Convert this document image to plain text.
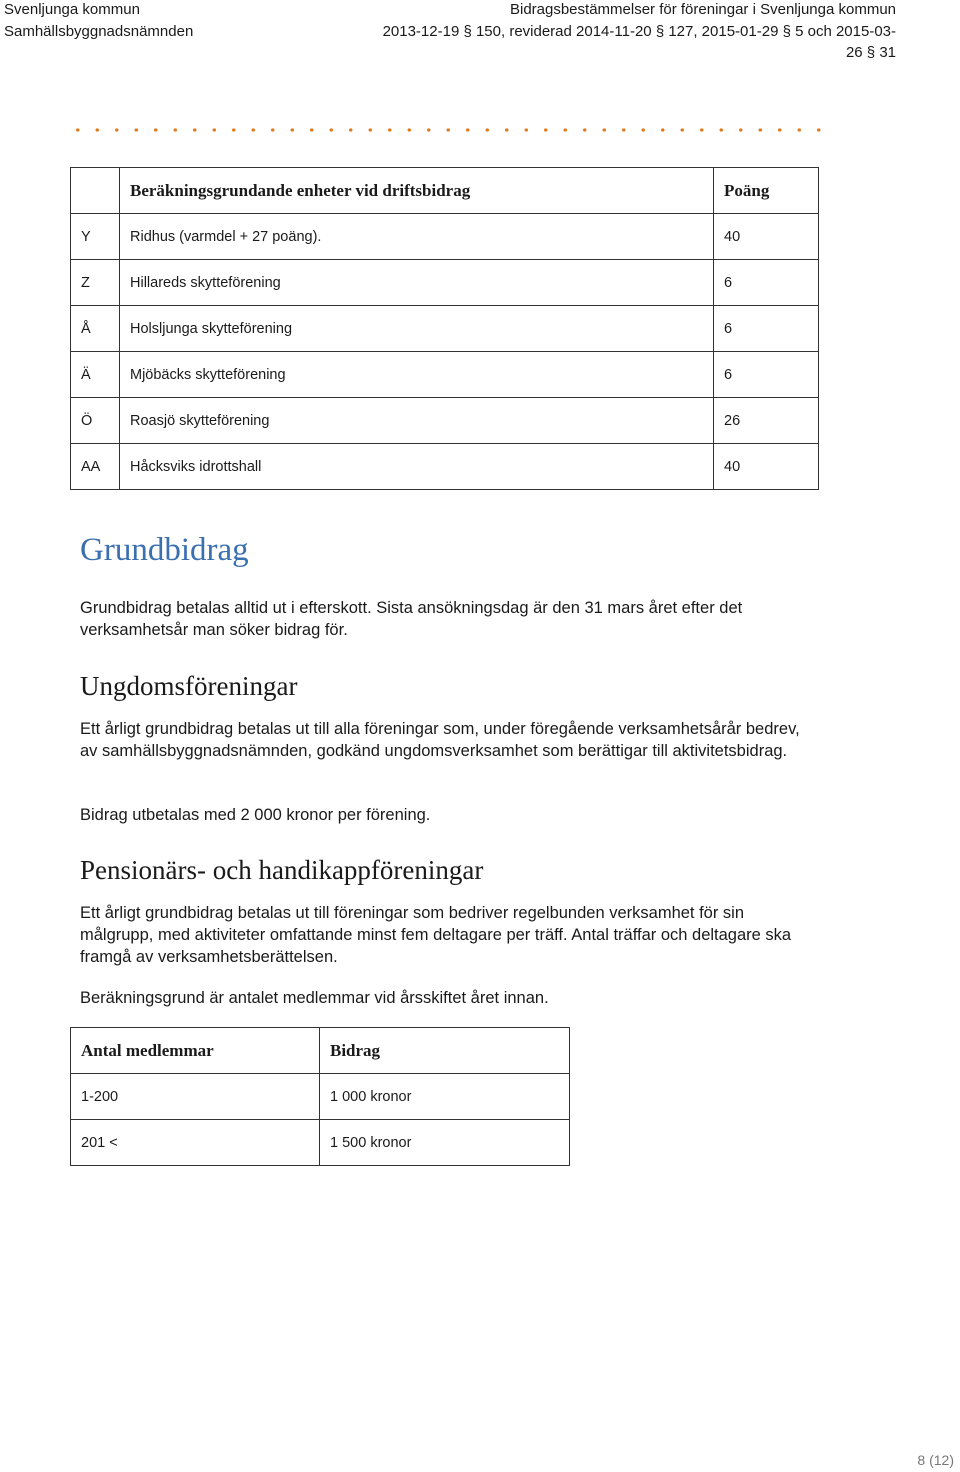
Svenljunga kommun
Samhällsbyggnadsnämnden
Bidragsbestämmelser för föreningar i Svenljunga kommun
2013-12-19 § 150, reviderad 2014-11-20 § 127, 2015-01-29 § 5 och 2015-03-
26 § 31
	Beräkningsgrundande enheter vid driftsbidrag	Poäng
Y	Ridhus (varmdel + 27 poäng).	40
Z	Hillareds skytteförening	6
Å	Holsljunga skytteförening	6
Ä	Mjöbäcks skytteförening	6
Ö	Roasjö skytteförening	26
AA	Håcksviks idrottshall	40
Grundbidrag

Grundbidrag betalas alltid ut i efterskott. Sista ansökningsdag är den 31 mars året efter det verksamhetsår man söker bidrag för.

Ungdomsföreningar

Ett årligt grundbidrag betalas ut till alla föreningar som, under föregående verksamhetsårår bedrev, av samhällsbyggnadsnämnden, godkänd ungdomsverksamhet som berättigar till aktivitetsbidrag.

Bidrag utbetalas med 2 000 kronor per förening.

Pensionärs- och handikappföreningar

Ett årligt grundbidrag betalas ut till föreningar som bedriver regelbunden verksamhet för sin målgrupp, med aktiviteter omfattande minst fem deltagare per träff. Antal träffar och deltagare ska framgå av verksamhetsberättelsen.

Beräkningsgrund är antalet medlemmar vid årsskiftet året innan.

Antal medlemmar	Bidrag
1-200	1 000 kronor
201 <	1 500 kronor
8 (12)
